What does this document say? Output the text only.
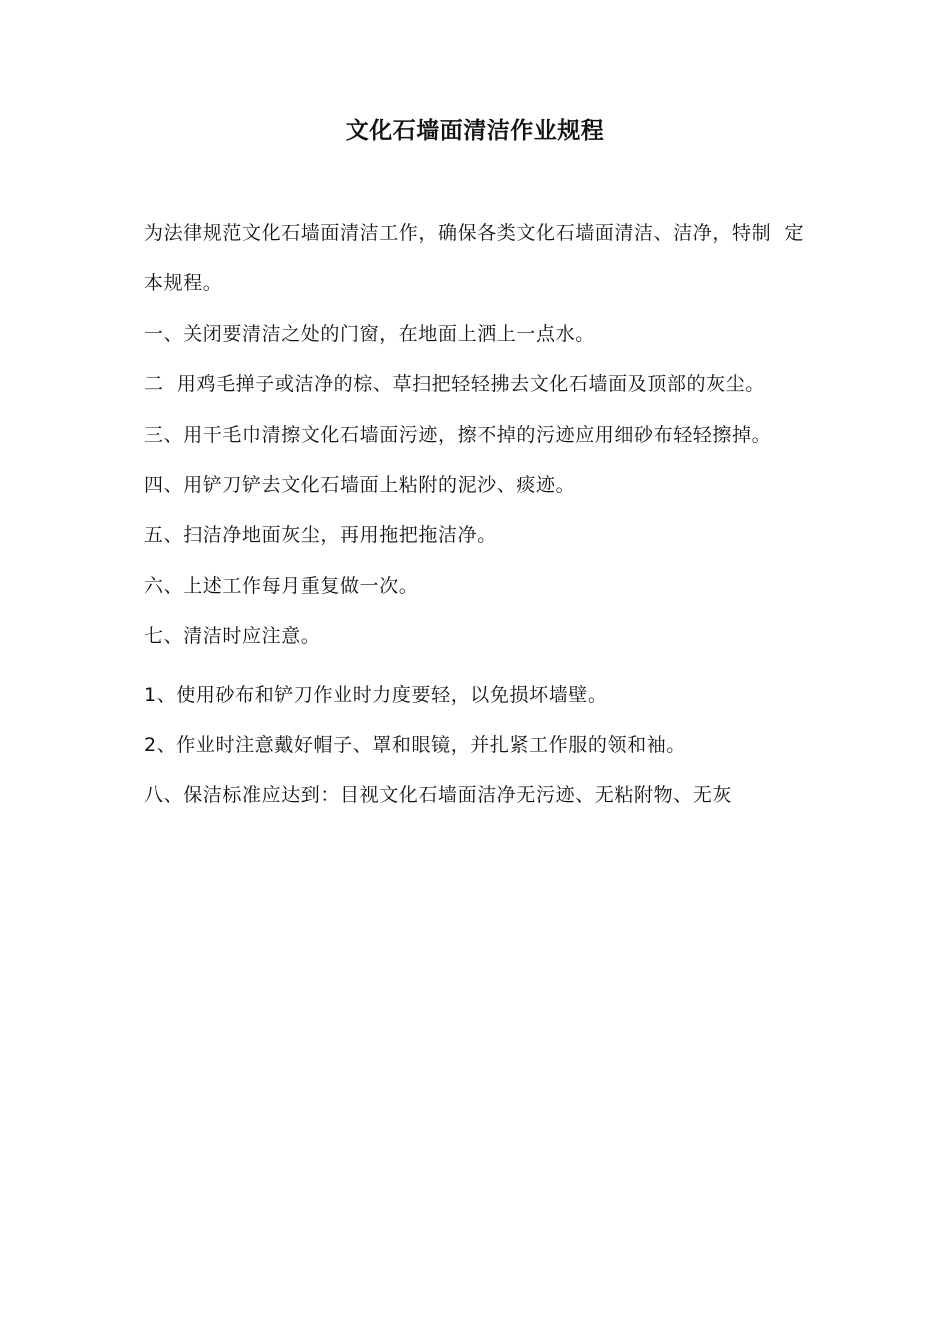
文化石墙面清洁作业规程

为法律规范文化石墙面清洁工作，确保各类文化石墙面清洁、洁净，特制  定本规程。

一、关闭要清洁之处的门窗，在地面上洒上一点水。

二  用鸡毛掸子或洁净的棕、草扫把轻轻拂去文化石墙面及顶部的灰尘。

三、用干毛巾清擦文化石墙面污迹，擦不掉的污迹应用细砂布轻轻擦掉。

四、用铲刀铲去文化石墙面上粘附的泥沙、痰迹。

五、扫洁净地面灰尘，再用拖把拖洁净。

六、上述工作每月重复做一次。

七、清洁时应注意。

1、使用砂布和铲刀作业时力度要轻，以免损坏墙壁。

2、作业时注意戴好帽子、罩和眼镜，并扎紧工作服的领和袖。

八、保洁标准应达到：目视文化石墙面洁净无污迹、无粘附物、无灰
